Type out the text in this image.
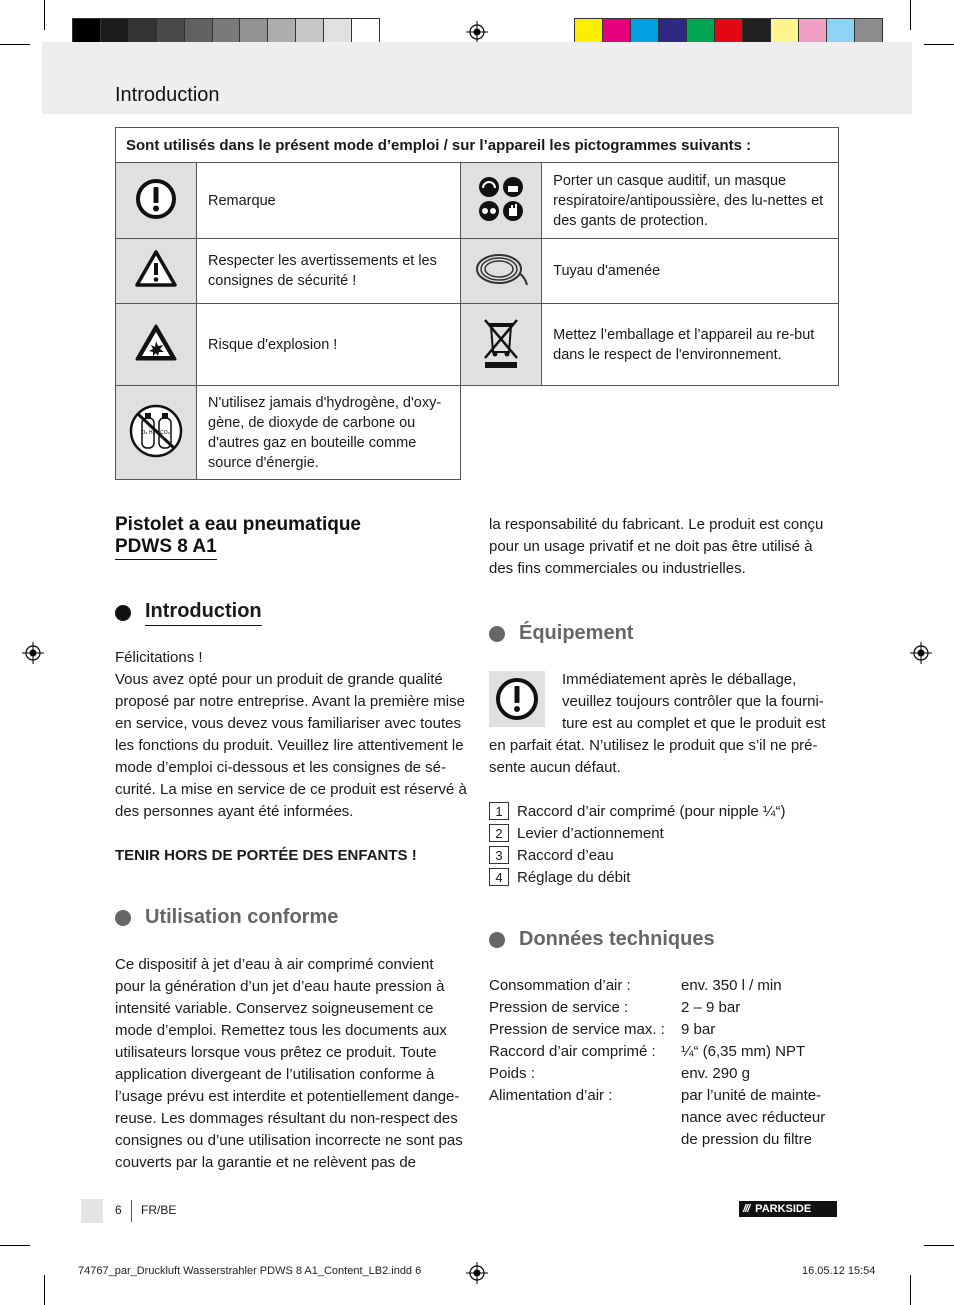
Introduction
Sont utilisés dans le présent mode d’emploi / sur l’appareil les pictogrammes suivants :			
	Remarque		Porter un casque auditif, un masque respiratoire/antipoussière, des lu-nettes et des gants de protection.
	Respecter les avertissements et les consignes de sécurité !		Tuyau d'amenée
	Risque d'explosion !		Mettez l’emballage et l’appareil au re-but dans le respect de l'environnement.

O₂ H₂ CO₂	N'utilisez jamais d'hydrogène, d'oxy-gène, de dioxyde de carbone ou d'autres gaz en bouteille comme source d'énergie.		
Pistolet a eau pneumatique
PDWS 8 A1
Introduction

Félicitations !

Vous avez opté pour un produit de grande qualité proposé par notre entreprise. Avant la première mise en service, vous devez vous familiariser avec toutes les fonctions du produit. Veuillez lire attentivement le mode d’emploi ci-dessous et les consignes de sé-curité. La mise en service de ce produit est réservé à des personnes ayant été informées.

TENIR HORS DE PORTÉE DES ENFANTS !

Utilisation conforme

Ce dispositif à jet d’eau à air comprimé convient pour la génération d’un jet d’eau haute pression à intensité variable. Conservez soigneusement ce mode d’emploi. Remettez tous les documents aux utilisateurs lorsque vous prêtez ce produit. Toute application divergeant de l’utilisation conforme à l’usage prévu est interdite et potentiellement dange-reuse. Les dommages résultant du non-respect des consignes ou d’une utilisation incorrecte ne sont pas couverts par la garantie et ne relèvent pas de

la responsabilité du fabricant. Le produit est conçu pour un usage privatif et ne doit pas être utilisé à des fins commerciales ou industrielles.

Équipement

Immédiatement après le déballage, veuillez toujours contrôler que la fourni-ture est au complet et que le produit est en parfait état. N’utilisez le produit que s’il ne pré-sente aucun défaut.

1 Raccord d’air comprimé (pour nipple ¼“)
2 Levier d’actionnement
3 Raccord d’eau
4 Réglage du débit
Données techniques
Consommation d’air :	env. 350 l / min
Pression de service :	2 – 9 bar
Pression de service max. :	9 bar
Raccord d’air comprimé :	¼“ (6,35 mm) NPT
Poids :	env. 290 g
Alimentation d’air :	par l’unité de mainte-nance avec réducteur de pression du filtre
6 FR/BE	/// PARKSIDE
74767_par_Druckluft Wasserstrahler PDWS 8 A1_Content_LB2.indd 6	16.05.12 15:54
